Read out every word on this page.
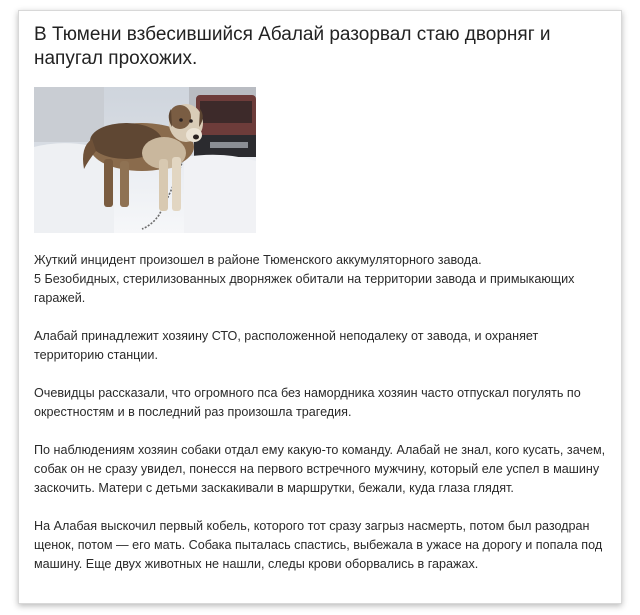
В Тюмени взбесившийся Абалай разорвал стаю дворняг и напугал прохожих.

Жуткий инцидент произошел в районе Тюменского аккумуляторного завода.
5 Безобидных, стерилизованных дворняжек обитали на территории завода и примыкающих гаражей.

Алабай принадлежит хозяину СТО, расположенной неподалеку от завода, и охраняет территорию станции.

Очевидцы рассказали, что огромного пса без намордника хозяин часто отпускал погулять по окрестностям и в последний раз произошла трагедия.

По наблюдениям хозяин собаки отдал ему какую-то команду. Алабай не знал, кого кусать, зачем, собак он не сразу увидел, понесся на первого встречного мужчину, который еле успел в машину заскочить. Матери с детьми заскакивали в маршрутки, бежали, куда глаза глядят.

На Алабая выскочил первый кобель, которого тот сразу загрыз насмерть, потом был разодран щенок, потом — его мать. Собака пыталась спастись, выбежала в ужасе на дорогу и попала под машину. Еще двух животных не нашли, следы крови оборвались в гаражах.
